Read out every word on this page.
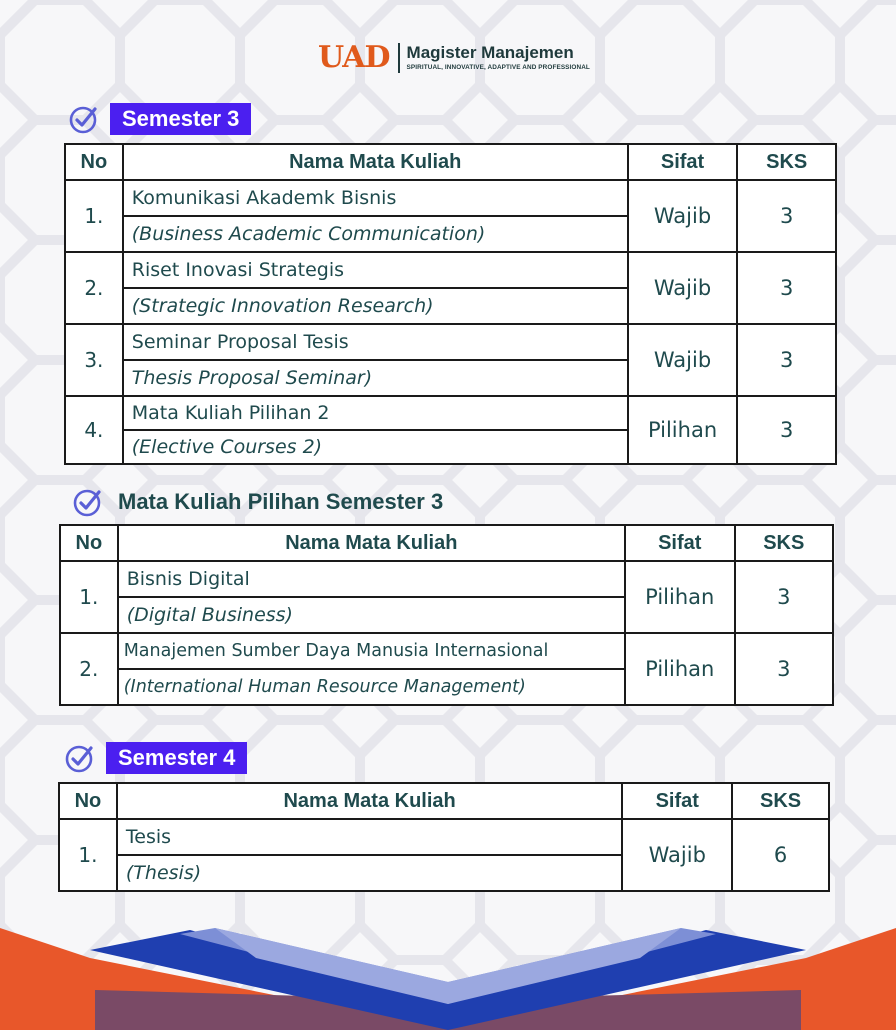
UAD Magister Manajemen
SPIRITUAL, INNOVATIVE, ADAPTIVE AND PROFESSIONAL
Semester 3
No	Nama Mata Kuliah	Sifat	SKS
1.	Komunikasi Akademk Bisnis	Wajib	3
	(Business Academic Communication)		
2.	Riset Inovasi Strategis	Wajib	3
	(Strategic Innovation Research)		
3.	Seminar Proposal Tesis	Wajib	3
	Thesis Proposal Seminar)		
4.	Mata Kuliah Pilihan 2	Pilihan	3
	(Elective Courses 2)		
Mata Kuliah Pilihan Semester 3
No	Nama Mata Kuliah	Sifat	SKS
1.	Bisnis Digital	Pilihan	3
	(Digital Business)		
2.	Manajemen Sumber Daya Manusia Internasional	Pilihan	3
	(International Human Resource Management)		
Semester 4
No	Nama Mata Kuliah	Sifat	SKS
1.	Tesis	Wajib	6
	(Thesis)		
